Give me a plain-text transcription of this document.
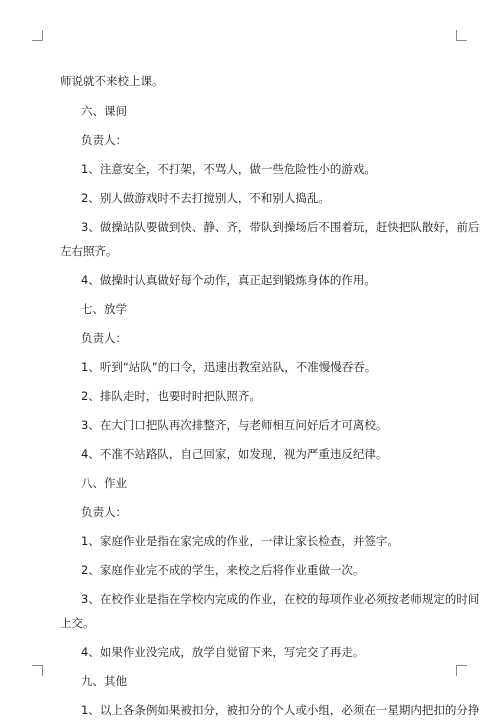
师说就不来校上课。
六、课间
负责人：
1、注意安全，不打架，不骂人，做一些危险性小的游戏。
2、别人做游戏时不去打搅别人，不和别人捣乱。
3、做操站队要做到快、静、齐，带队到操场后不围着玩，赶快把队散好，前后
左右照齐。
4、做操时认真做好每个动作，真正起到锻炼身体的作用。
七、放学
负责人：
1、听到“站队”的口令，迅速出教室站队，不准慢慢吞吞。
2、排队走时，也要时时把队照齐。
3、在大门口把队再次排整齐，与老师相互问好后才可离校。
4、不准不站路队，自己回家，如发现，视为严重违反纪律。
八、作业
负责人：
1、家庭作业是指在家完成的作业，一律让家长检查，并签字。
2、家庭作业完不成的学生，来校之后将作业重做一次。
3、在校作业是指在学校内完成的作业，在校的每项作业必须按老师规定的时间
上交。
4、如果作业没完成，放学自觉留下来，写完交了再走。
九、其他
1、以上各条例如果被扣分，被扣分的个人或小组，必须在一星期内把扣的分挣
